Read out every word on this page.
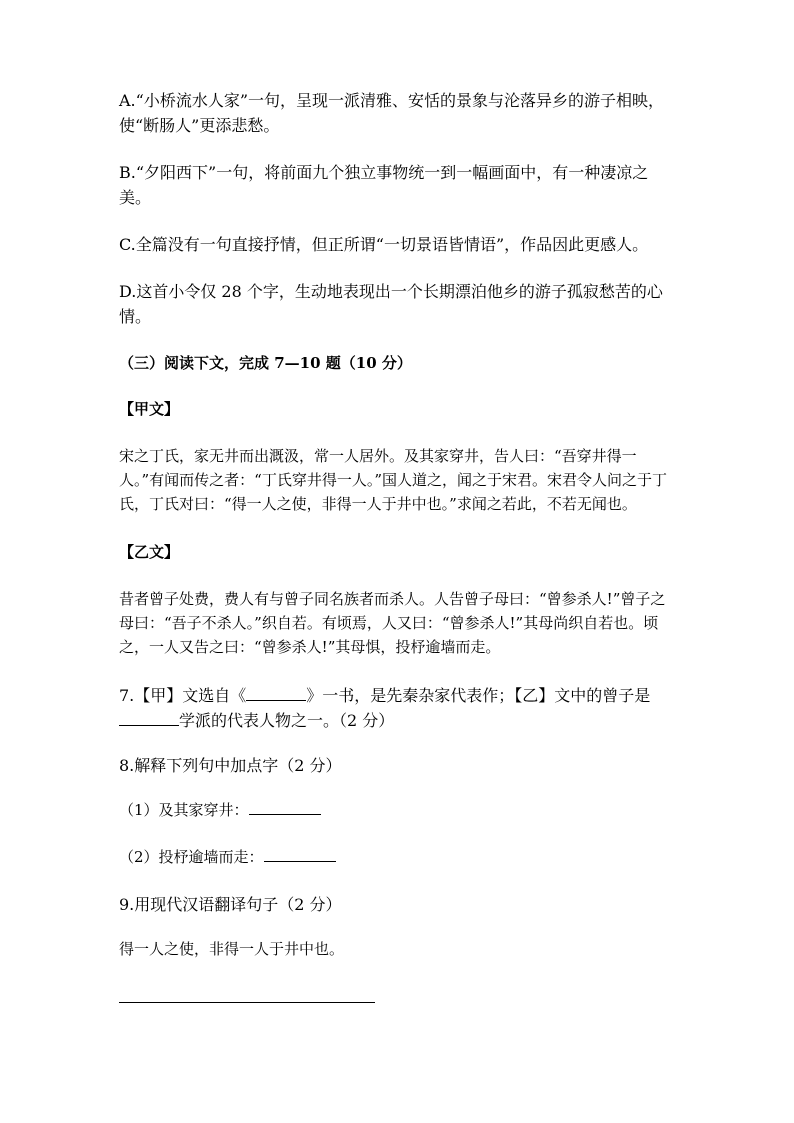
A.“小桥流水人家”一句，呈现一派清雅、安恬的景象与沦落异乡的游子相映，使“断肠人”更添悲愁。

B.“夕阳西下”一句，将前面九个独立事物统一到一幅画面中，有一种凄凉之美。

C.全篇没有一句直接抒情，但正所谓“一切景语皆情语”，作品因此更感人。

D.这首小令仅 28 个字，生动地表现出一个长期漂泊他乡的游子孤寂愁苦的心情。

（三）阅读下文，完成 7—10 题（10 分）

【甲文】

宋之丁氏，家无井而出溉汲，常一人居外。及其家穿井，告人曰：“吾穿井得一人。”有闻而传之者：“丁氏穿井得一人。”国人道之，闻之于宋君。宋君令人问之于丁氏，丁氏对曰：“得一人之使，非得一人于井中也。”求闻之若此，不若无闻也。

【乙文】

昔者曾子处费，费人有与曾子同名族者而杀人。人告曾子母曰：“曾参杀人!”曾子之母曰：“吾子不杀人。”织自若。有顷焉，人又曰：“曾参杀人!”其母尚织自若也。顷之，一人又告之曰：“曾参杀人!”其母惧，投杼逾墙而走。

7.【甲】文选自《	》一书，是先秦杂家代表作；【乙】文中的曾子是学派的代表人物之一。（2 分）

8.解释下列句中加点字（2 分）

（1）及其家穿井：

（2）投杼逾墙而走：

9.用现代汉语翻译句子（2 分）

得一人之使，非得一人于井中也。
